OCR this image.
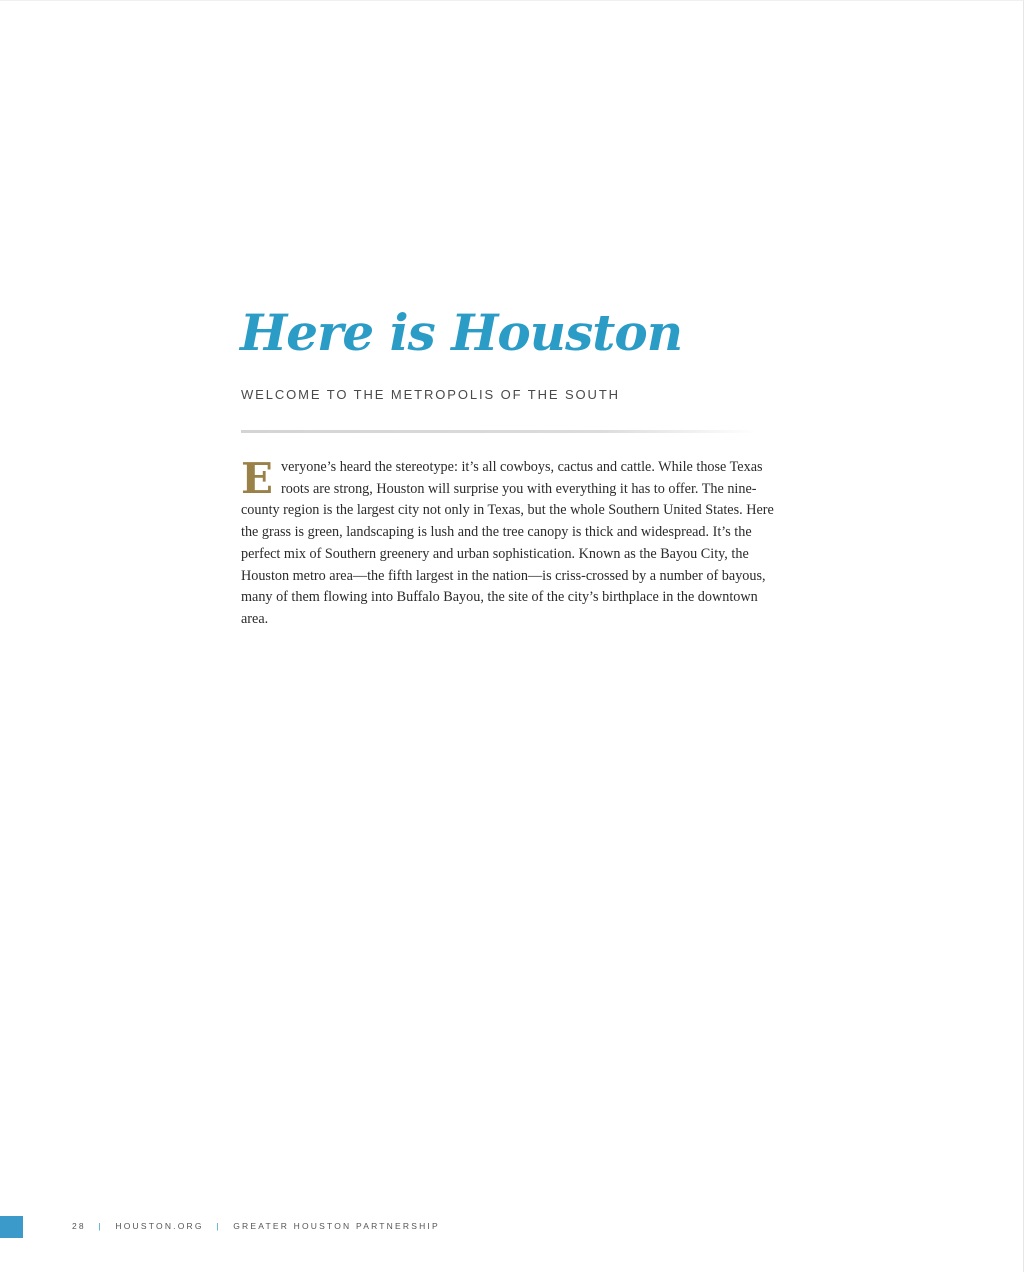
Here is Houston

WELCOME TO THE METROPOLIS OF THE SOUTH

Everyone’s heard the stereotype: it’s all cowboys, cactus and cattle. While those Texas roots are strong, Houston will surprise you with everything it has to offer. The nine-county region is the largest city not only in Texas, but the whole Southern United States. Here the grass is green, landscaping is lush and the tree canopy is thick and widespread. It’s the perfect mix of Southern greenery and urban sophistication. Known as the Bayou City, the Houston metro area—the fifth largest in the nation—is criss-crossed by a number of bayous, many of them flowing into Buffalo Bayou, the site of the city’s birthplace in the downtown area.

28 | HOUSTON.ORG | GREATER HOUSTON PARTNERSHIP
